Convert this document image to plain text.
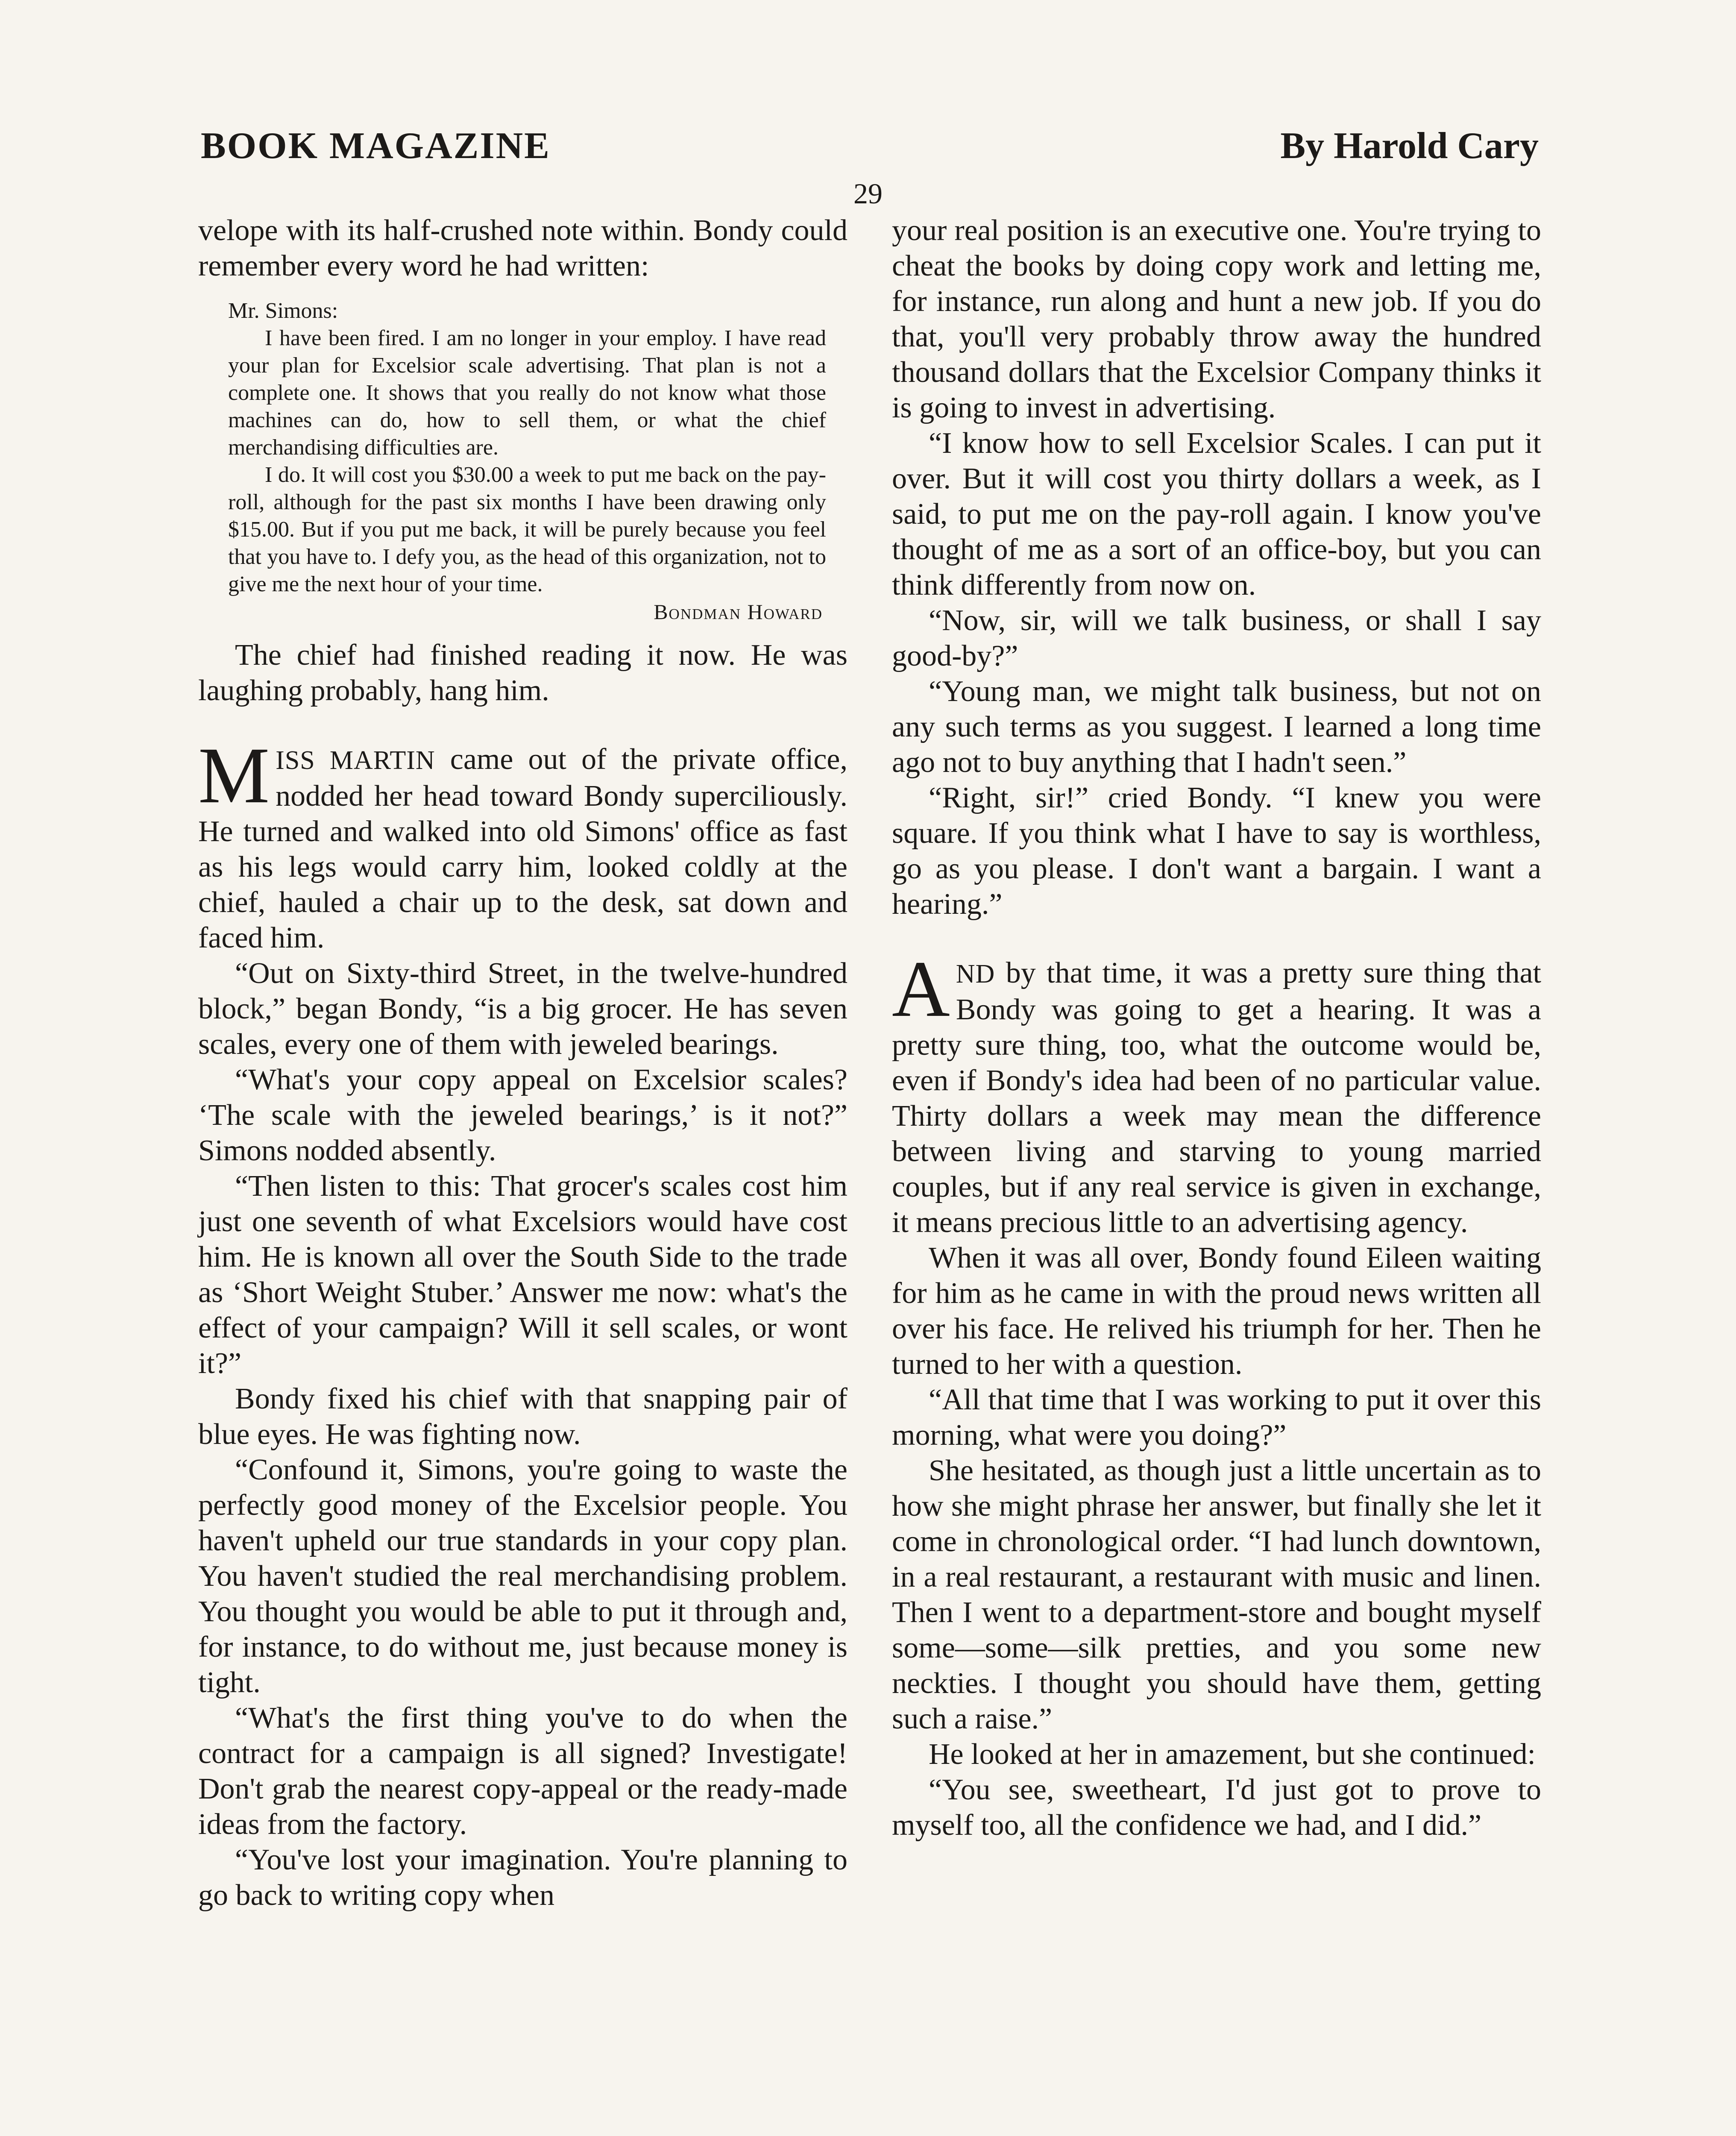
BOOK MAGAZINE	By Harold Cary
29

velope with its half-crushed note within. Bondy could remember every word he had written:

Mr. Simons:

I have been fired. I am no longer in your employ. I have read your plan for Excelsior scale advertising. That plan is not a complete one. It shows that you really do not know what those machines can do, how to sell them, or what the chief merchandising difficulties are.

I do. It will cost you $30.00 a week to put me back on the pay-roll, although for the past six months I have been drawing only $15.00. But if you put me back, it will be purely because you feel that you have to. I defy you, as the head of this organization, not to give me the next hour of your time.

Bondman Howard

The chief had finished reading it now. He was laughing probably, hang him.

MISS MARTIN came out of the private office, nodded her head toward Bondy superciliously. He turned and walked into old Simons' office as fast as his legs would carry him, looked coldly at the chief, hauled a chair up to the desk, sat down and faced him.

“Out on Sixty-third Street, in the twelve-hundred block,” began Bondy, “is a big grocer. He has seven scales, every one of them with jeweled bearings.

“What's your copy appeal on Excelsior scales? ‘The scale with the jeweled bearings,’ is it not?” Simons nodded absently.

“Then listen to this: That grocer's scales cost him just one seventh of what Excelsiors would have cost him. He is known all over the South Side to the trade as ‘Short Weight Stuber.’ Answer me now: what's the effect of your campaign? Will it sell scales, or wont it?”

Bondy fixed his chief with that snapping pair of blue eyes. He was fighting now.

“Confound it, Simons, you're going to waste the perfectly good money of the Excelsior people. You haven't upheld our true standards in your copy plan. You haven't studied the real merchandising problem. You thought you would be able to put it through and, for instance, to do without me, just because money is tight.

“What's the first thing you've to do when the contract for a campaign is all signed? Investigate! Don't grab the nearest copy-appeal or the ready-made ideas from the factory.

“You've lost your imagination. You're planning to go back to writing copy when

your real position is an executive one. You're trying to cheat the books by doing copy work and letting me, for instance, run along and hunt a new job. If you do that, you'll very probably throw away the hundred thousand dollars that the Excelsior Company thinks it is going to invest in advertising.

“I know how to sell Excelsior Scales. I can put it over. But it will cost you thirty dollars a week, as I said, to put me on the pay-roll again. I know you've thought of me as a sort of an office-boy, but you can think differently from now on.

“Now, sir, will we talk business, or shall I say good-by?”

“Young man, we might talk business, but not on any such terms as you suggest. I learned a long time ago not to buy anything that I hadn't seen.”

“Right, sir!” cried Bondy. “I knew you were square. If you think what I have to say is worthless, go as you please. I don't want a bargain. I want a hearing.”

AND by that time, it was a pretty sure thing that Bondy was going to get a hearing. It was a pretty sure thing, too, what the outcome would be, even if Bondy's idea had been of no particular value. Thirty dollars a week may mean the difference between living and starving to young married couples, but if any real service is given in exchange, it means precious little to an advertising agency.

When it was all over, Bondy found Eileen waiting for him as he came in with the proud news written all over his face. He relived his triumph for her. Then he turned to her with a question.

“All that time that I was working to put it over this morning, what were you doing?”

She hesitated, as though just a little uncertain as to how she might phrase her answer, but finally she let it come in chronological order. “I had lunch downtown, in a real restaurant, a restaurant with music and linen. Then I went to a department-store and bought myself some—some—silk pretties, and you some new neckties. I thought you should have them, getting such a raise.”

He looked at her in amazement, but she continued:

“You see, sweetheart, I'd just got to prove to myself too, all the confidence we had, and I did.”
